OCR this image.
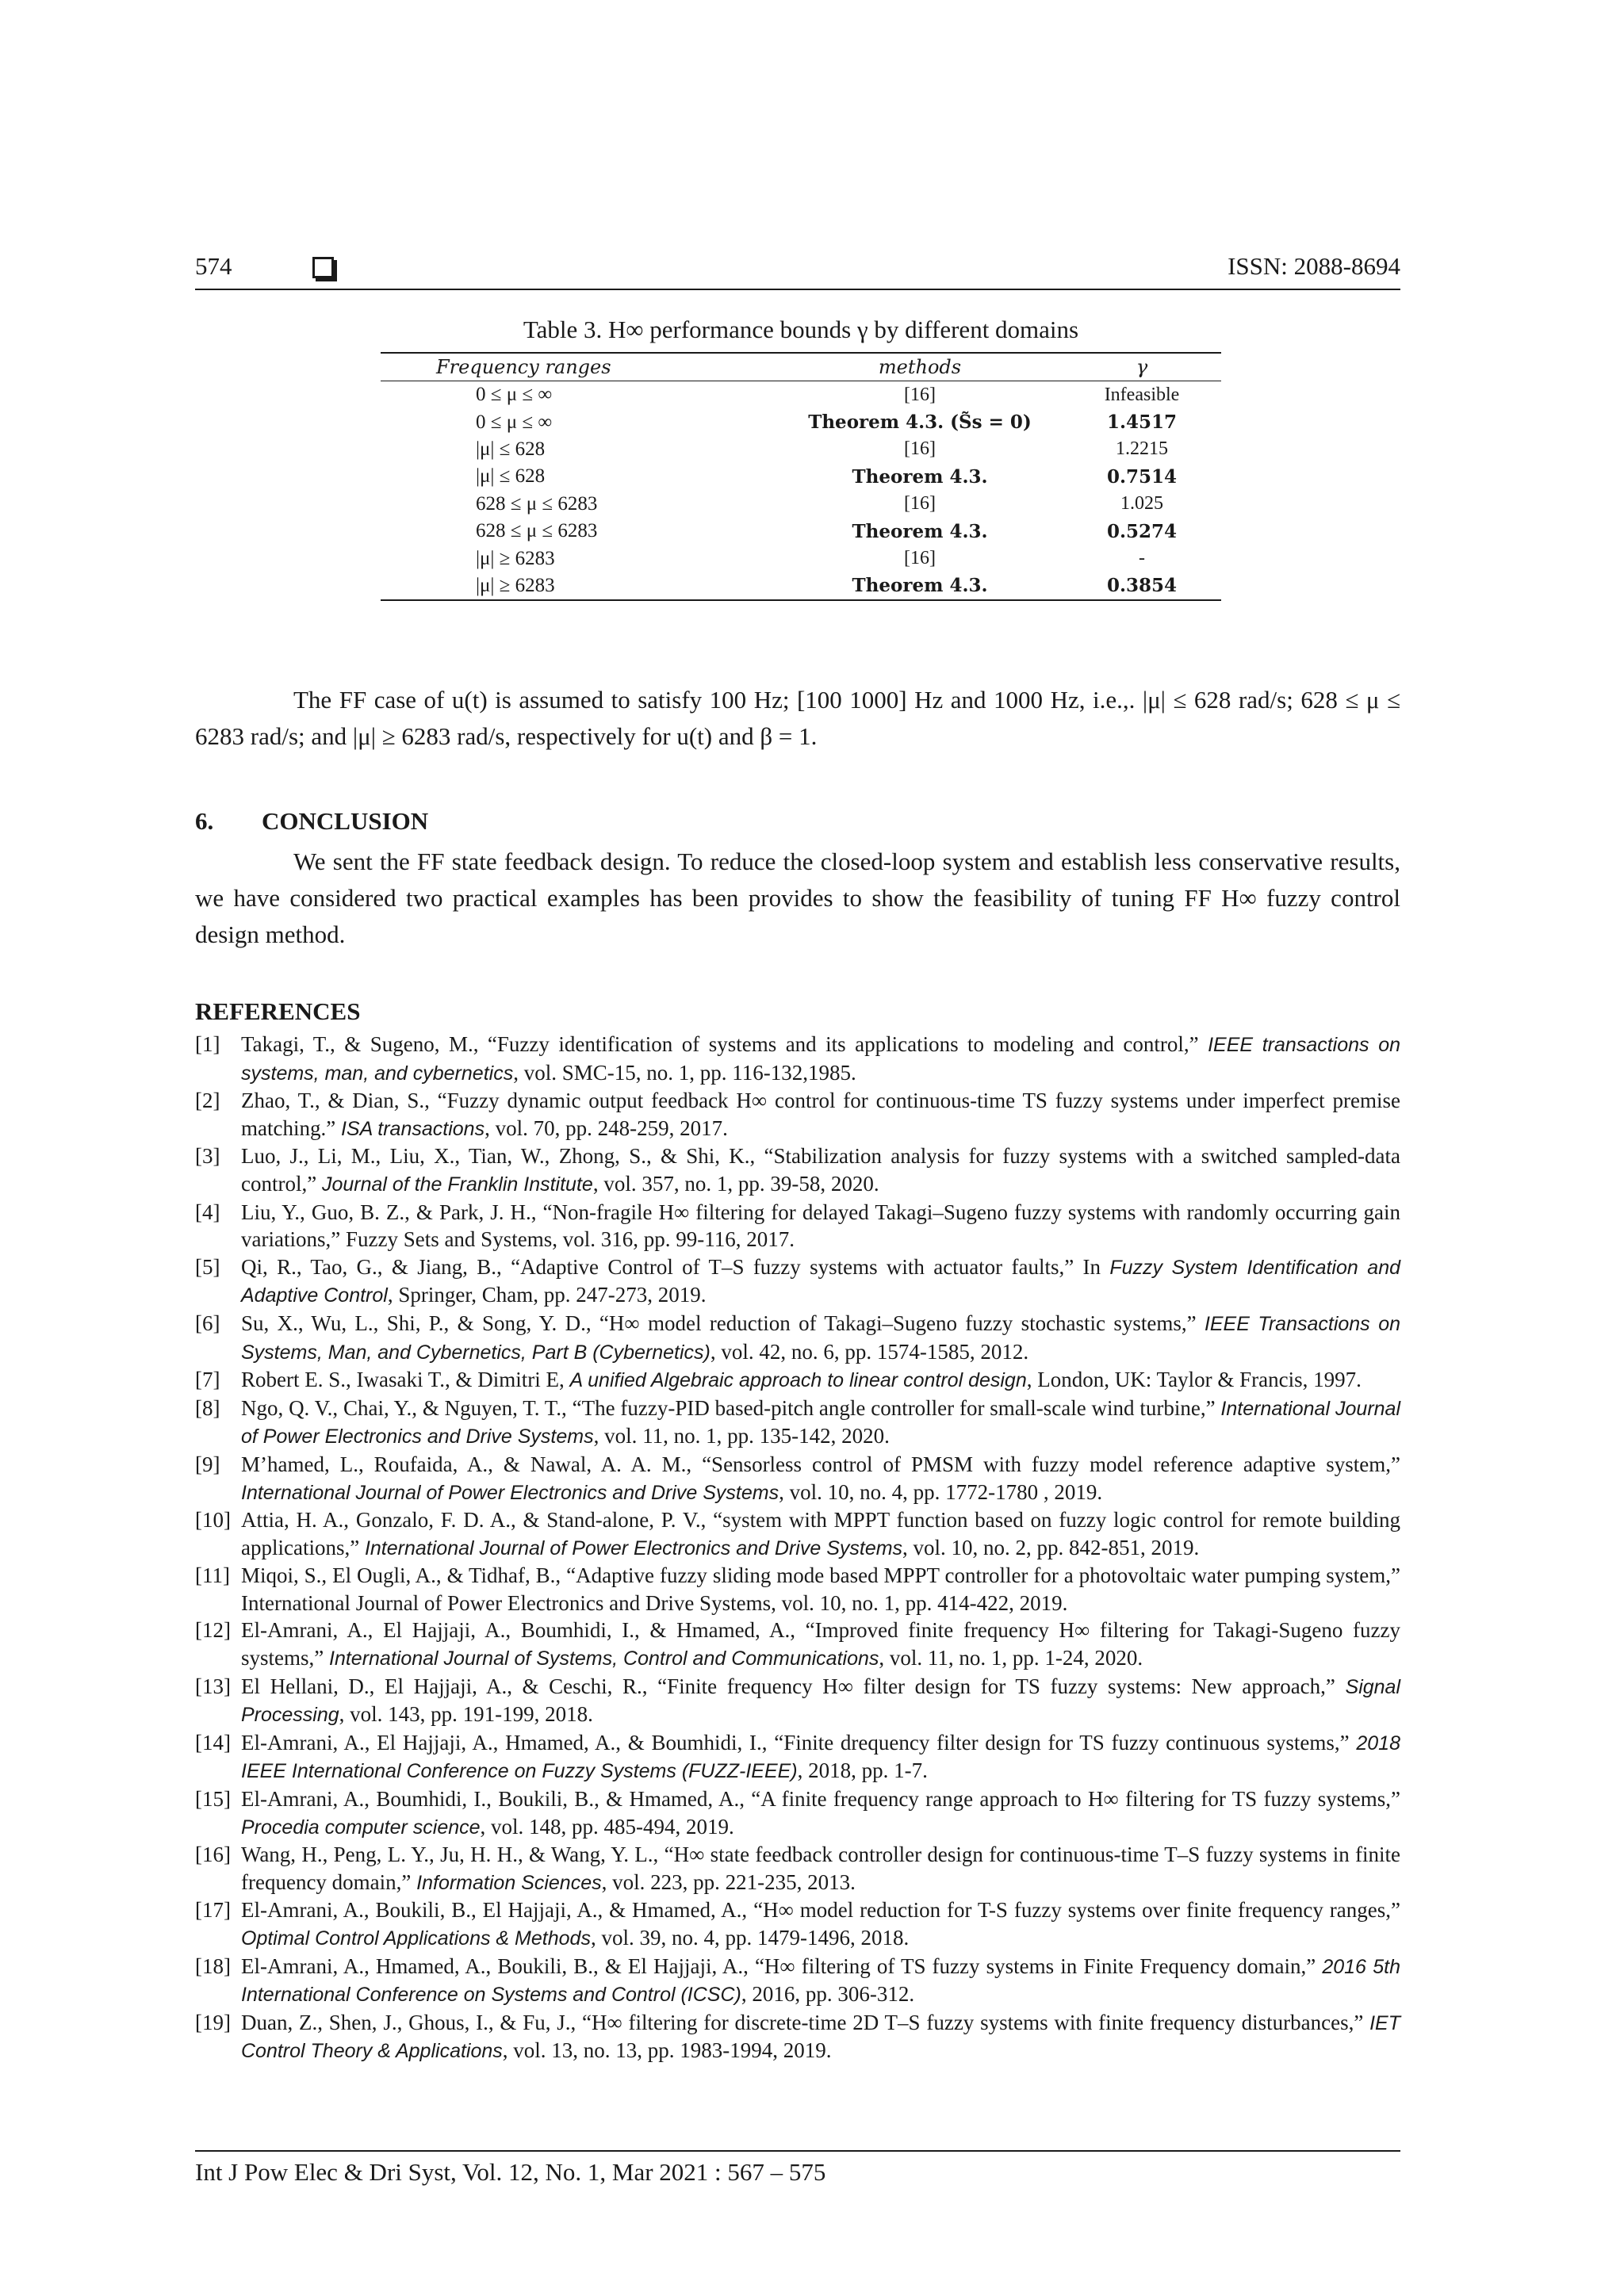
574	ISSN: 2088-8694
Table 3. H∞ performance bounds γ by different domains
Frequency ranges		methods	γ
	0 ≤ μ ≤ ∞	[16]	Infeasible
	0 ≤ μ ≤ ∞	Theorem 4.3. (S̃s = 0)	1.4517
	|μ| ≤ 628	[16]	1.2215
	|μ| ≤ 628	Theorem 4.3.	0.7514
	628 ≤ μ ≤ 6283	[16]	1.025
	628 ≤ μ ≤ 6283	Theorem 4.3.	0.5274
	|μ| ≥ 6283	[16]	-
	|μ| ≥ 6283	Theorem 4.3.	0.3854
The FF case of u(t) is assumed to satisfy 100 Hz; [100 1000] Hz and 1000 Hz, i.e.,. |μ| ≤ 628 rad/s; 628 ≤ μ ≤ 6283 rad/s; and |μ| ≥ 6283 rad/s, respectively for u(t) and β = 1.
6. CONCLUSION
We sent the FF state feedback design. To reduce the closed-loop system and establish less conservative results, we have considered two practical examples has been provides to show the feasibility of tuning FF H∞ fuzzy control design method.
REFERENCES
[1] Takagi, T., & Sugeno, M., “Fuzzy identification of systems and its applications to modeling and control,” IEEE transactions on systems, man, and cybernetics, vol. SMC-15, no. 1, pp. 116-132,1985.
[2] Zhao, T., & Dian, S., “Fuzzy dynamic output feedback H∞ control for continuous-time TS fuzzy systems under imperfect premise matching.” ISA transactions, vol. 70, pp. 248-259, 2017.
[3] Luo, J., Li, M., Liu, X., Tian, W., Zhong, S., & Shi, K., “Stabilization analysis for fuzzy systems with a switched sampled-data control,” Journal of the Franklin Institute, vol. 357, no. 1, pp. 39-58, 2020.
[4] Liu, Y., Guo, B. Z., & Park, J. H., “Non-fragile H∞ filtering for delayed Takagi–Sugeno fuzzy systems with randomly occurring gain variations,” Fuzzy Sets and Systems, vol. 316, pp. 99-116, 2017.
[5] Qi, R., Tao, G., & Jiang, B., “Adaptive Control of T–S fuzzy systems with actuator faults,” In Fuzzy System Identification and Adaptive Control, Springer, Cham, pp. 247-273, 2019.
[6] Su, X., Wu, L., Shi, P., & Song, Y. D., “H∞ model reduction of Takagi–Sugeno fuzzy stochastic systems,” IEEE Transactions on Systems, Man, and Cybernetics, Part B (Cybernetics), vol. 42, no. 6, pp. 1574-1585, 2012.
[7] Robert E. S., Iwasaki T., & Dimitri E, A unified Algebraic approach to linear control design, London, UK: Taylor & Francis, 1997.
[8] Ngo, Q. V., Chai, Y., & Nguyen, T. T., “The fuzzy-PID based-pitch angle controller for small-scale wind turbine,” International Journal of Power Electronics and Drive Systems, vol. 11, no. 1, pp. 135-142, 2020.
[9] M’hamed, L., Roufaida, A., & Nawal, A. A. M., “Sensorless control of PMSM with fuzzy model reference adaptive system,” International Journal of Power Electronics and Drive Systems, vol. 10, no. 4, pp. 1772-1780 , 2019.
[10] Attia, H. A., Gonzalo, F. D. A., & Stand-alone, P. V., “system with MPPT function based on fuzzy logic control for remote building applications,” International Journal of Power Electronics and Drive Systems, vol. 10, no. 2, pp. 842-851, 2019.
[11] Miqoi, S., El Ougli, A., & Tidhaf, B., “Adaptive fuzzy sliding mode based MPPT controller for a photovoltaic water pumping system,” International Journal of Power Electronics and Drive Systems, vol. 10, no. 1, pp. 414-422, 2019.
[12] El-Amrani, A., El Hajjaji, A., Boumhidi, I., & Hmamed, A., “Improved finite frequency H∞ filtering for Takagi-Sugeno fuzzy systems,” International Journal of Systems, Control and Communications, vol. 11, no. 1, pp. 1-24, 2020.
[13] El Hellani, D., El Hajjaji, A., & Ceschi, R., “Finite frequency H∞ filter design for TS fuzzy systems: New approach,” Signal Processing, vol. 143, pp. 191-199, 2018.
[14] El-Amrani, A., El Hajjaji, A., Hmamed, A., & Boumhidi, I., “Finite drequency filter design for TS fuzzy continuous systems,” 2018 IEEE International Conference on Fuzzy Systems (FUZZ-IEEE), 2018, pp. 1-7.
[15] El-Amrani, A., Boumhidi, I., Boukili, B., & Hmamed, A., “A finite frequency range approach to H∞ filtering for TS fuzzy systems,” Procedia computer science, vol. 148, pp. 485-494, 2019.
[16] Wang, H., Peng, L. Y., Ju, H. H., & Wang, Y. L., “H∞ state feedback controller design for continuous-time T–S fuzzy systems in finite frequency domain,” Information Sciences, vol. 223, pp. 221-235, 2013.
[17] El-Amrani, A., Boukili, B., El Hajjaji, A., & Hmamed, A., “H∞ model reduction for T-S fuzzy systems over finite frequency ranges,” Optimal Control Applications & Methods, vol. 39, no. 4, pp. 1479-1496, 2018.
[18] El-Amrani, A., Hmamed, A., Boukili, B., & El Hajjaji, A., “H∞ filtering of TS fuzzy systems in Finite Frequency domain,” 2016 5th International Conference on Systems and Control (ICSC), 2016, pp. 306-312.
[19] Duan, Z., Shen, J., Ghous, I., & Fu, J., “H∞ filtering for discrete-time 2D T–S fuzzy systems with finite frequency disturbances,” IET Control Theory & Applications, vol. 13, no. 13, pp. 1983-1994, 2019.
Int J Pow Elec & Dri Syst, Vol. 12, No. 1, Mar 2021 : 567 – 575
